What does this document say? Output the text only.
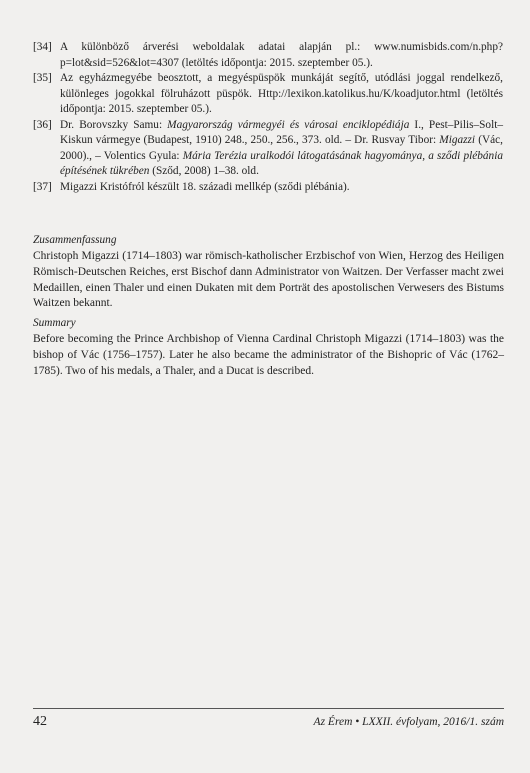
[34] A különböző árverési weboldalak adatai alapján pl.: www.numisbids.com/n.php?p=lot&sid=526&lot=4307 (letöltés időpontja: 2015. szeptember 05.).
[35] Az egyházmegyébe beosztott, a megyéspüspök munkáját segítő, utódlási joggal rendelkező, különleges jogokkal fölruházott püspök. Http://lexikon.katolikus.hu/K/koadjutor.html (letöltés időpontja: 2015. szeptember 05.).
[36] Dr. Borovszky Samu: Magyarország vármegyéi és városai enciklopédiája I., Pest–Pilis–Solt–Kiskun vármegye (Budapest, 1910) 248., 250., 256., 373. old. – Dr. Rusvay Tibor: Migazzi (Vác, 2000)., – Volentics Gyula: Mária Terézia uralkodói látogatásának hagyománya, a sződi plébánia építésének tükrében (Sződ, 2008) 1–38. old.
[37] Migazzi Kristófról készült 18. századi mellkép (sződi plébánia).
Zusammenfassung
Christoph Migazzi (1714–1803) war römisch-katholischer Erzbischof von Wien, Herzog des Heiligen Römisch-Deutschen Reiches, erst Bischof dann Administrator von Waitzen. Der Verfasser macht zwei Medaillen, einen Thaler und einen Dukaten mit dem Porträt des apostolischen Verwesers des Bistums Waitzen bekannt.
Summary
Before becoming the Prince Archbishop of Vienna Cardinal Christoph Migazzi (1714–1803) was the bishop of Vác (1756–1757). Later he also became the administrator of the Bishopric of Vác (1762–1785). Two of his medals, a Thaler, and a Ducat is described.
42	Az Érem • LXXII. évfolyam, 2016/1. szám
